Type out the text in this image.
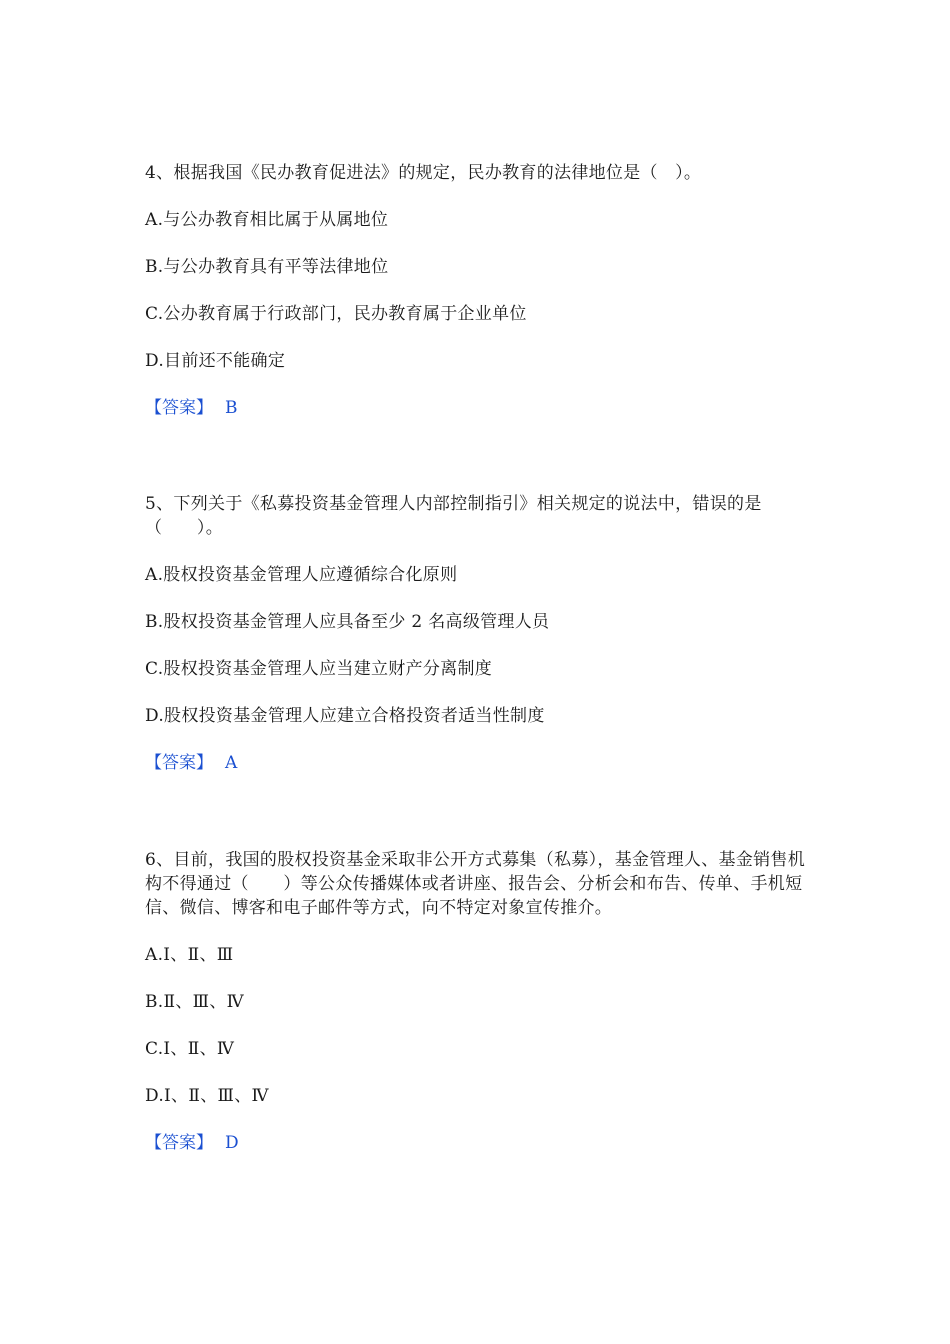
4、根据我国《民办教育促进法》的规定，民办教育的法律地位是（　）。

A.与公办教育相比属于从属地位

B.与公办教育具有平等法律地位

C.公办教育属于行政部门，民办教育属于企业单位

D.目前还不能确定

【答案】 B

5、下列关于《私募投资基金管理人内部控制指引》相关规定的说法中，错误的是（　　）。

A.股权投资基金管理人应遵循综合化原则

B.股权投资基金管理人应具备至少 2 名高级管理人员

C.股权投资基金管理人应当建立财产分离制度

D.股权投资基金管理人应建立合格投资者适当性制度

【答案】 A

6、目前，我国的股权投资基金采取非公开方式募集（私募），基金管理人、基金销售机构不得通过（　　）等公众传播媒体或者讲座、报告会、分析会和布告、传单、手机短信、微信、博客和电子邮件等方式，向不特定对象宣传推介。

A.Ⅰ、Ⅱ、Ⅲ

B.Ⅱ、Ⅲ、Ⅳ

C.Ⅰ、Ⅱ、Ⅳ

D.Ⅰ、Ⅱ、Ⅲ、Ⅳ

【答案】 D
